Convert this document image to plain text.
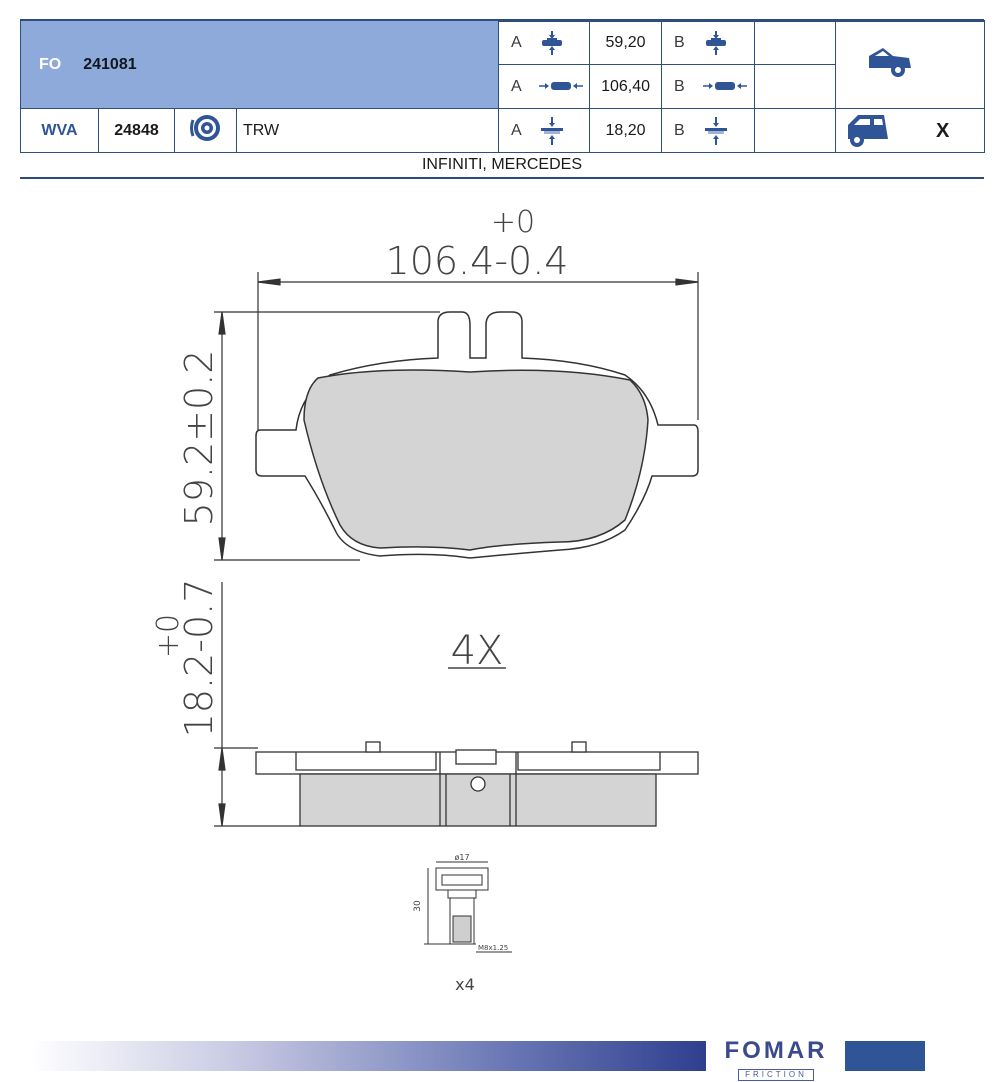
FO 241081				A	59,20	B		
				A	106,40	B		
WVA	24848		TRW	A	18,20	B		X
INFINITI, MERCEDES
+0
106.4-0.4
59.2±0.2
+0
18.2-0.7	4X
ø17
30
M8x1.25
x4
FOMAR
FRICTION
